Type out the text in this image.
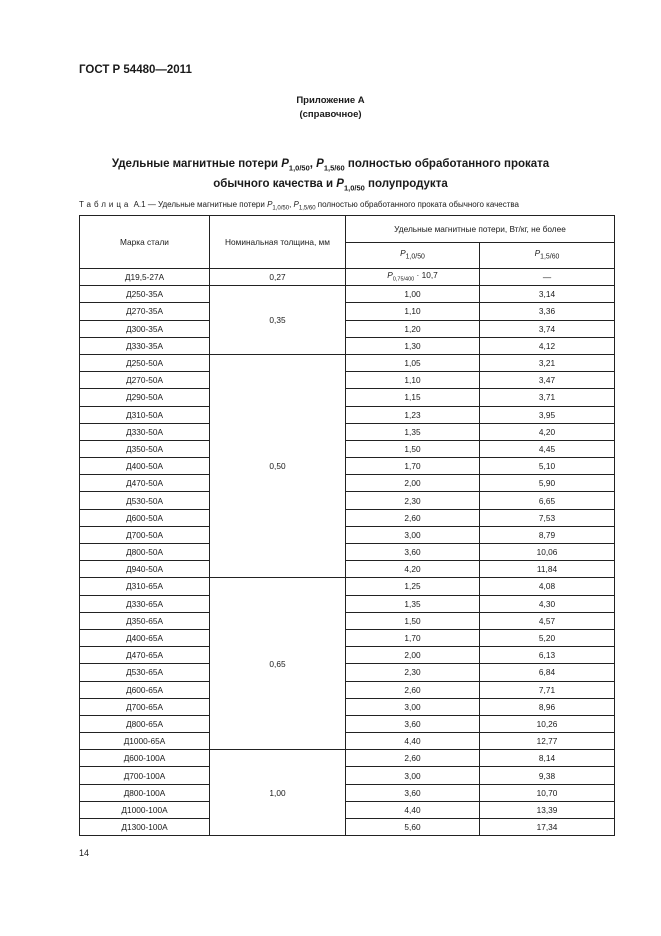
ГОСТ Р 54480—2011
Приложение А
(справочное)
Удельные магнитные потери $P_{1,0/50}$, $P_{1,5/60}$ полностью обработанного проката
обычного качества и $P_{1,0/50}$ полупродукта
Таблица А.1 — Удельные магнитные потери $P_{1,0/50}$, $P_{1,5/60}$ полностью обработанного проката обычного качества
Марка стали	Номинальная толщина, мм	Удельные магнитные потери, Вт/кг, не более	
		$P_{1,0/50}$	$P_{1,5/60}$
Д19,5-27А	0,27	$P_{0,75/400} \cdot 10,7$	—
Д250-35А	0,35	1,00	3,14
Д270-35А		1,10	3,36
Д300-35А		1,20	3,74
Д330-35А		1,30	4,12
Д250-50А	0,50	1,05	3,21
Д270-50А		1,10	3,47
Д290-50А		1,15	3,71
Д310-50А		1,23	3,95
Д330-50А		1,35	4,20
Д350-50А		1,50	4,45
Д400-50А		1,70	5,10
Д470-50А		2,00	5,90
Д530-50А		2,30	6,65
Д600-50А		2,60	7,53
Д700-50А		3,00	8,79
Д800-50А		3,60	10,06
Д940-50А		4,20	11,84
Д310-65А	0,65	1,25	4,08
Д330-65А		1,35	4,30
Д350-65А		1,50	4,57
Д400-65А		1,70	5,20
Д470-65А		2,00	6,13
Д530-65А		2,30	6,84
Д600-65А		2,60	7,71
Д700-65А		3,00	8,96
Д800-65А		3,60	10,26
Д1000-65А		4,40	12,77
Д600-100А	1,00	2,60	8,14
Д700-100А		3,00	9,38
Д800-100А		3,60	10,70
Д1000-100А		4,40	13,39
Д1300-100А		5,60	17,34
14
